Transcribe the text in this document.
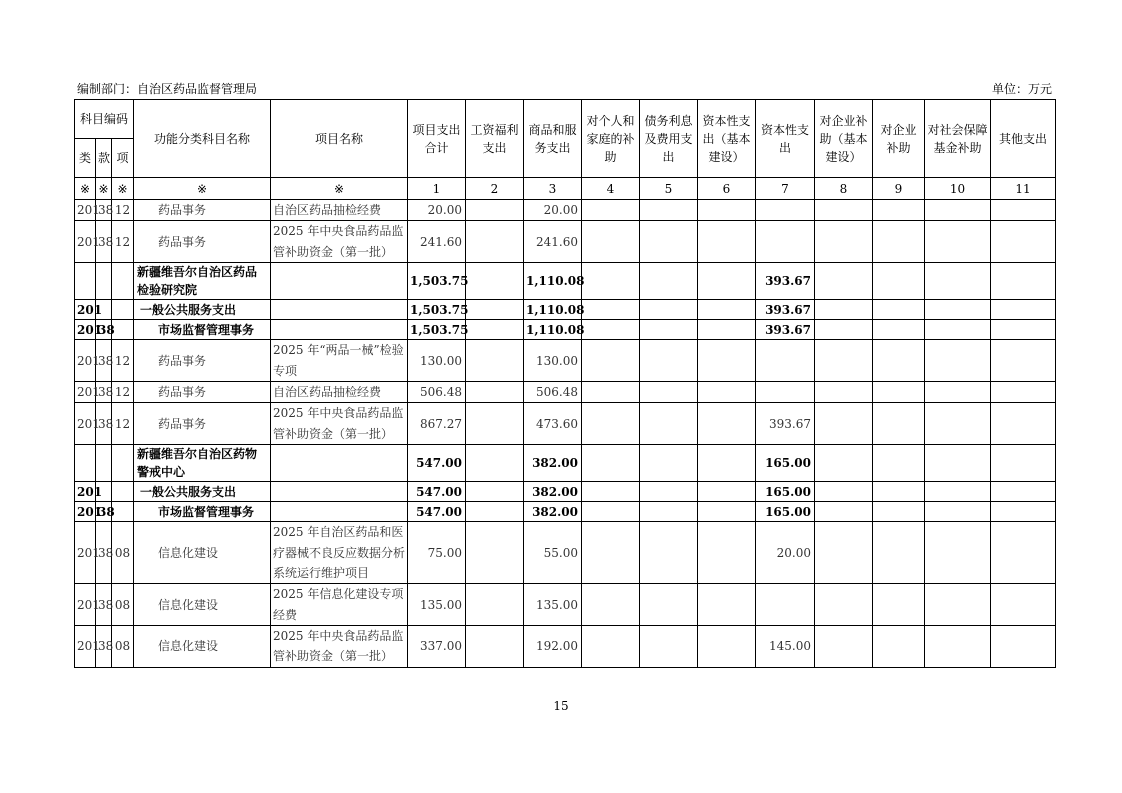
编制部门：自治区药品监督管理局	单位：万元
科目编码			功能分类科目名称	项目名称	项目支出合计	工资福利支出	商品和服务支出	对个人和家庭的补助	债务利息及费用支出	资本性支出（基本建设）	资本性支出	对企业补助（基本建设）	对企业补助	对社会保障基金补助	其他支出
类	款	项													
※	※	※	※	※	1	2	3	4	5	6	7	8	9	10	11
201	38	12	药品事务	自治区药品抽检经费	20.00		20.00								
201	38	12	药品事务	2025 年中央食品药品监管补助资金（第一批）	241.60		241.60								
			新疆维吾尔自治区药品检验研究院		1,503.75		1,110.08				393.67				
201			一般公共服务支出		1,503.75		1,110.08				393.67				
201	38		市场监督管理事务		1,503.75		1,110.08				393.67				
201	38	12	药品事务	2025 年“两品一械”检验专项	130.00		130.00								
201	38	12	药品事务	自治区药品抽检经费	506.48		506.48								
201	38	12	药品事务	2025 年中央食品药品监管补助资金（第一批）	867.27		473.60				393.67				
			新疆维吾尔自治区药物警戒中心		547.00		382.00				165.00				
201			一般公共服务支出		547.00		382.00				165.00				
201	38		市场监督管理事务		547.00		382.00				165.00				
201	38	08	信息化建设	2025 年自治区药品和医疗器械不良反应数据分析系统运行维护项目	75.00		55.00				20.00				
201	38	08	信息化建设	2025 年信息化建设专项经费	135.00		135.00								
201	38	08	信息化建设	2025 年中央食品药品监管补助资金（第一批）	337.00		192.00				145.00				
15
